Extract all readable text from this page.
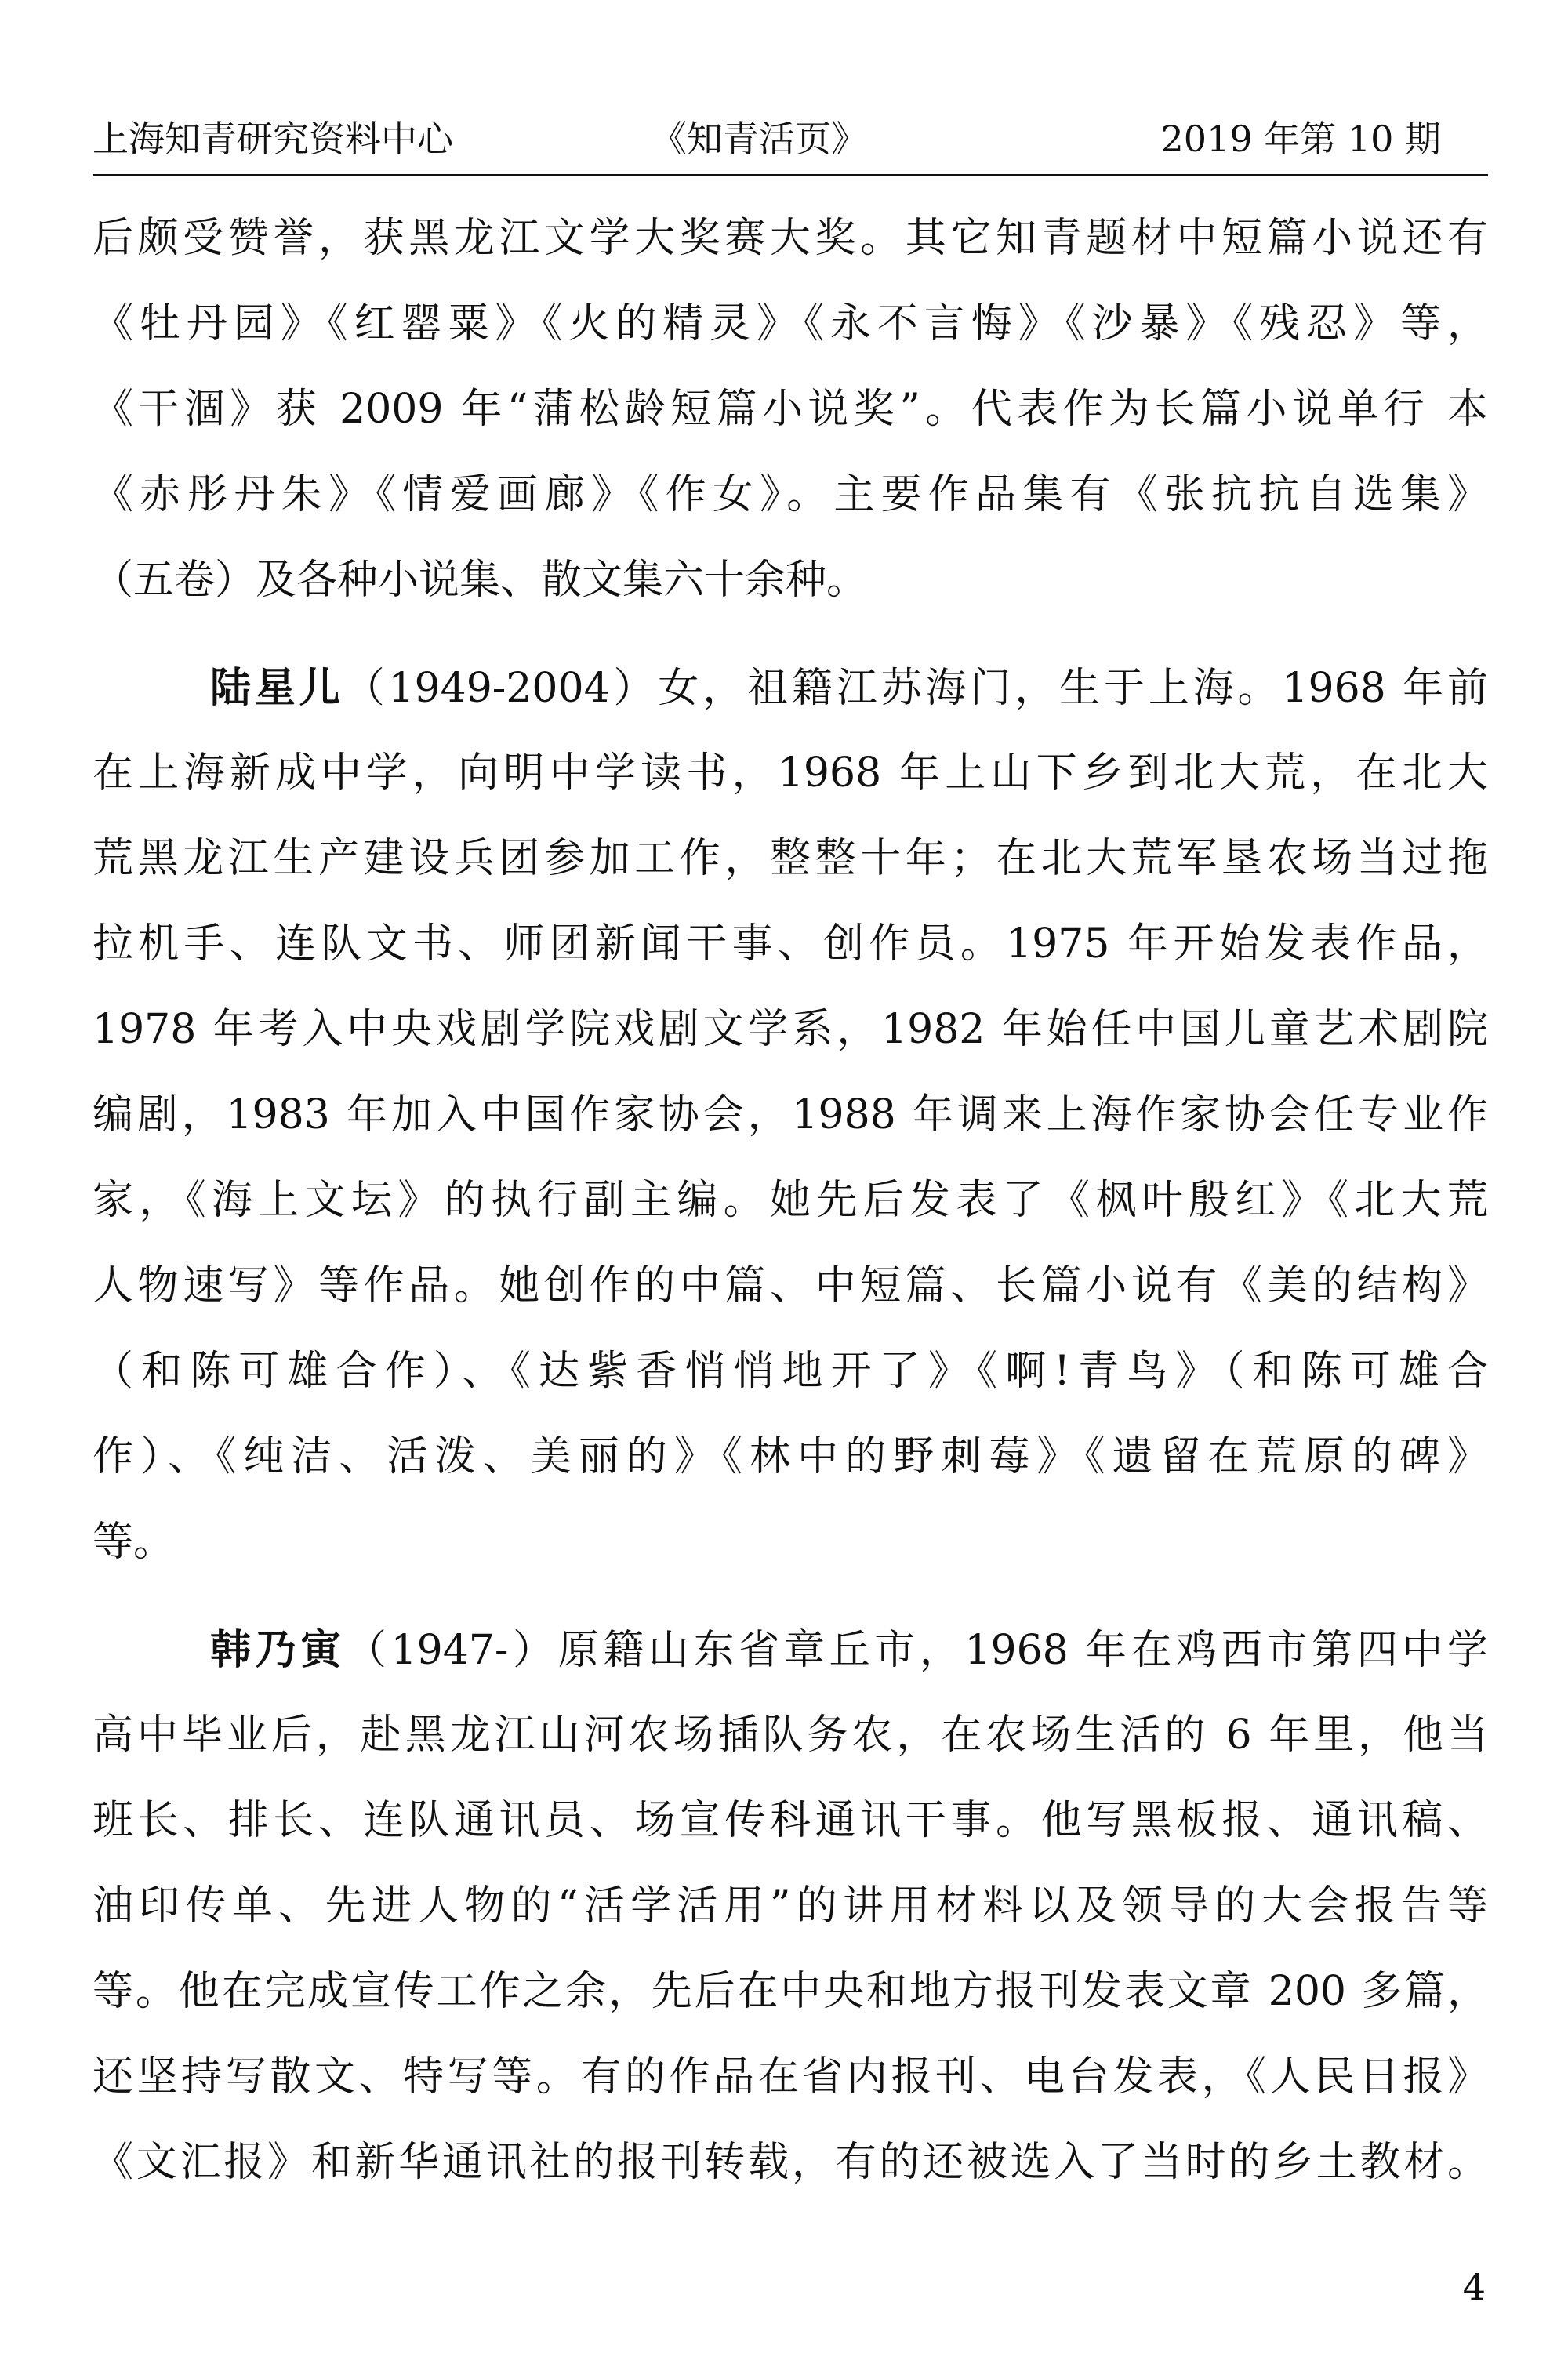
上海知青研究资料中心	《知青活页》	2019 年第 10 期
后颇受赞誉，获黑龙江文学大奖赛大奖。其它知青题材中短篇小说还有
《牡丹园》《红罂粟》《火的精灵》《永不言悔》《沙暴》《残忍》等，
《干涸》获 2009 年“蒲松龄短篇小说奖”。代表作为长篇小说单行 本
《赤彤丹朱》《情爱画廊》《作女》。主要作品集有《张抗抗自选集》
（五卷）及各种小说集、散文集六十余种。
陆星儿（1949-2004）女，祖籍江苏海门，生于上海。1968 年前
在上海新成中学，向明中学读书，1968 年上山下乡到北大荒，在北大
荒黑龙江生产建设兵团参加工作，整整十年；在北大荒军垦农场当过拖
拉机手、连队文书、师团新闻干事、创作员。1975 年开始发表作品，
1978 年考入中央戏剧学院戏剧文学系，1982 年始任中国儿童艺术剧院
编剧，1983 年加入中国作家协会，1988 年调来上海作家协会任专业作
家，《海上文坛》的执行副主编。她先后发表了《枫叶殷红》《北大荒
人物速写》等作品。她创作的中篇、中短篇、长篇小说有《美的结构》
（和陈可雄合作）、《达紫香悄悄地开了》《啊!青鸟》（和陈可雄合
作）、《纯洁、活泼、美丽的》《林中的野刺莓》《遗留在荒原的碑》
等。
韩乃寅（1947-）原籍山东省章丘市，1968 年在鸡西市第四中学
高中毕业后，赴黑龙江山河农场插队务农，在农场生活的 6 年里，他当
班长、排长、连队通讯员、场宣传科通讯干事。他写黑板报、通讯稿、
油印传单、先进人物的“活学活用”的讲用材料以及领导的大会报告等
等。他在完成宣传工作之余，先后在中央和地方报刊发表文章 200 多篇，
还坚持写散文、特写等。有的作品在省内报刊、电台发表，《人民日报》
《文汇报》和新华通讯社的报刊转载，有的还被选入了当时的乡土教材。
4
